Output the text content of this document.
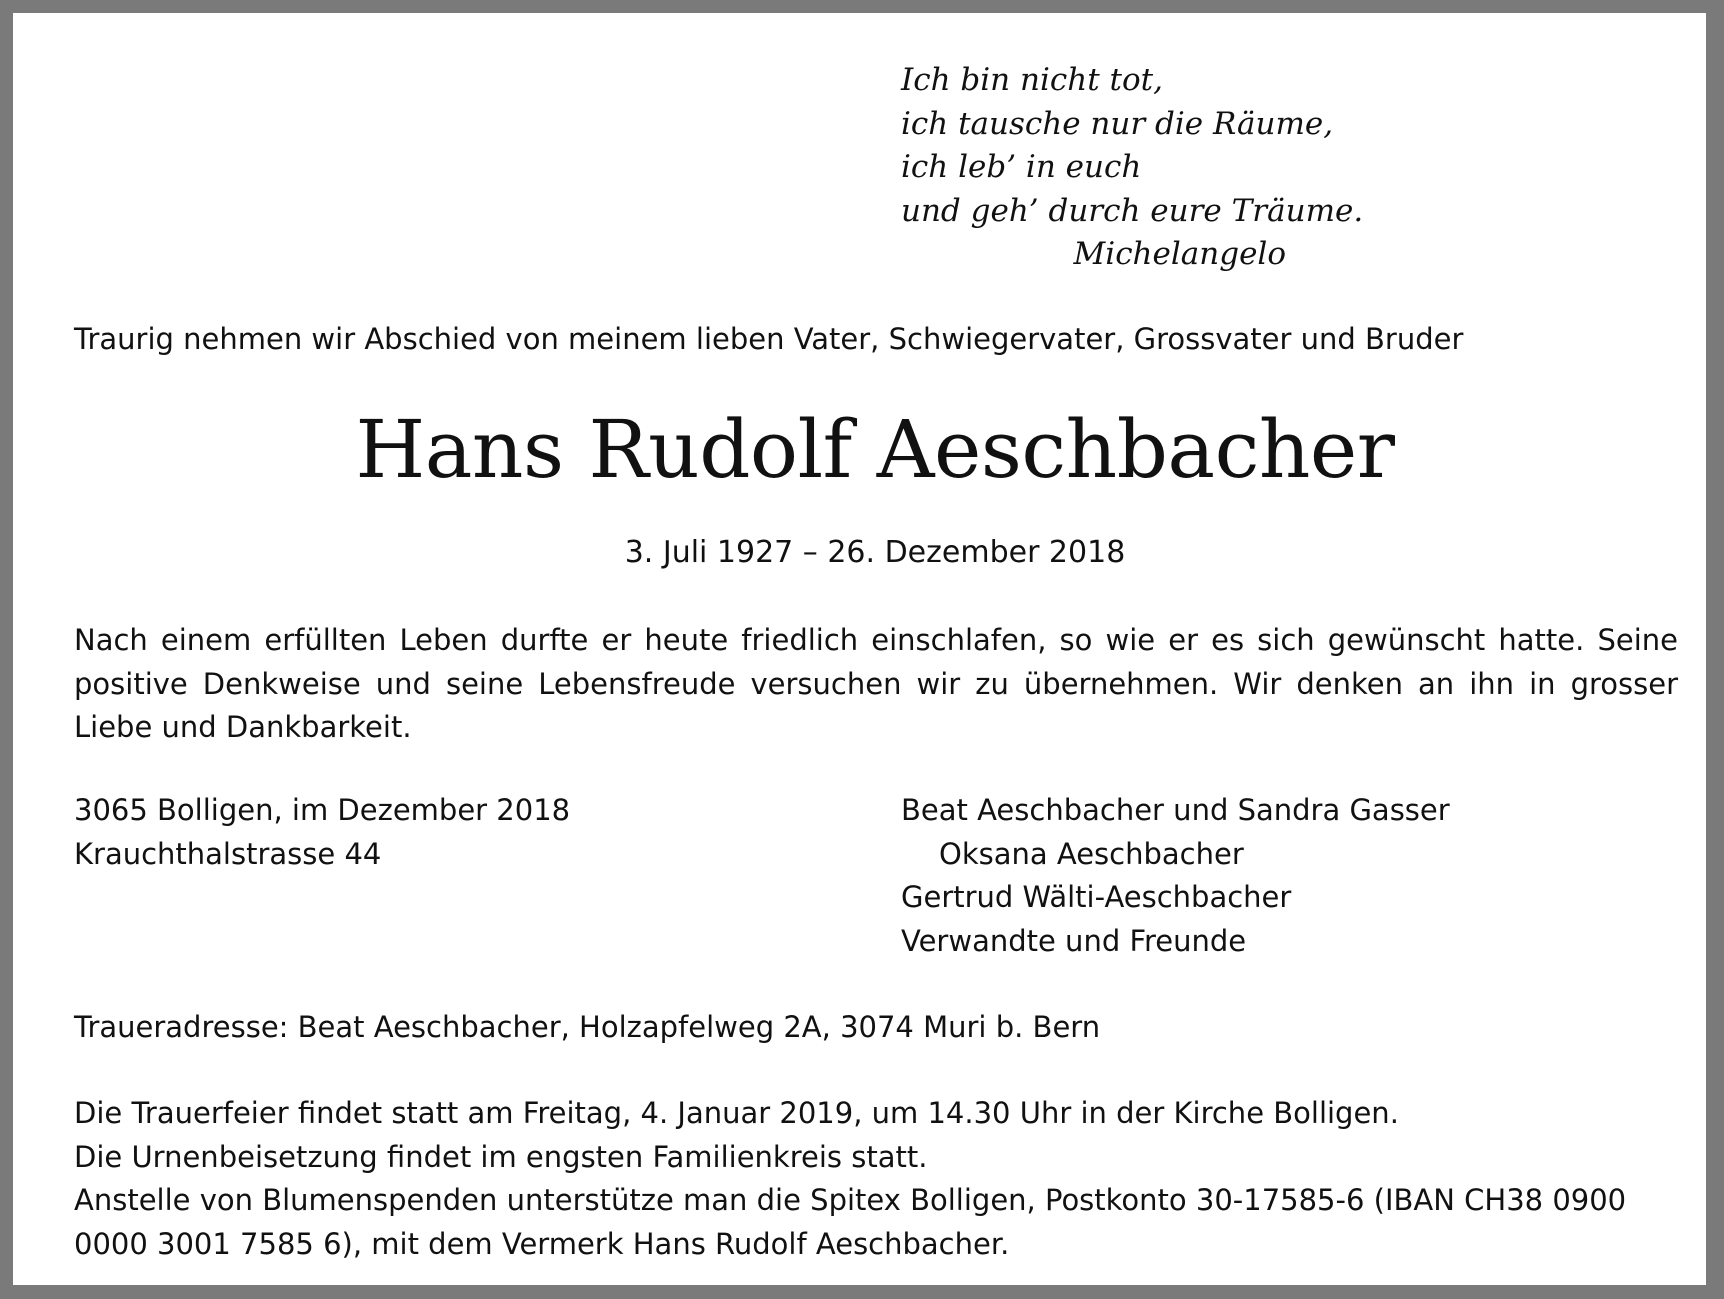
Ich bin nicht tot,
ich tausche nur die Räume,
ich leb’ in euch
und geh’ durch eure Träume.
Michelangelo
Traurig nehmen wir Abschied von meinem lieben Vater, Schwiegervater, Grossvater und Bruder
Hans Rudolf Aeschbacher
3. Juli 1927 – 26. Dezember 2018
Nach einem erfüllten Leben durfte er heute friedlich einschlafen, so wie er es sich gewünscht hatte. Seine positive Denkweise und seine Lebensfreude versuchen wir zu übernehmen. Wir denken an ihn in grosser Liebe und Dankbarkeit.
3065 Bolligen, im Dezember 2018
Krauchthalstrasse 44
Beat Aeschbacher und Sandra Gasser
Oksana Aeschbacher
Gertrud Wälti-Aeschbacher
Verwandte und Freunde
Traueradresse: Beat Aeschbacher, Holzapfelweg 2A, 3074 Muri b. Bern
Die Trauerfeier findet statt am Freitag, 4. Januar 2019, um 14.30 Uhr in der Kirche Bolligen.
Die Urnenbeisetzung findet im engsten Familienkreis statt.
Anstelle von Blumenspenden unterstütze man die Spitex Bolligen, Postkonto 30-17585-6 (IBAN CH38 0900 0000 3001 7585 6), mit dem Vermerk Hans Rudolf Aeschbacher.
